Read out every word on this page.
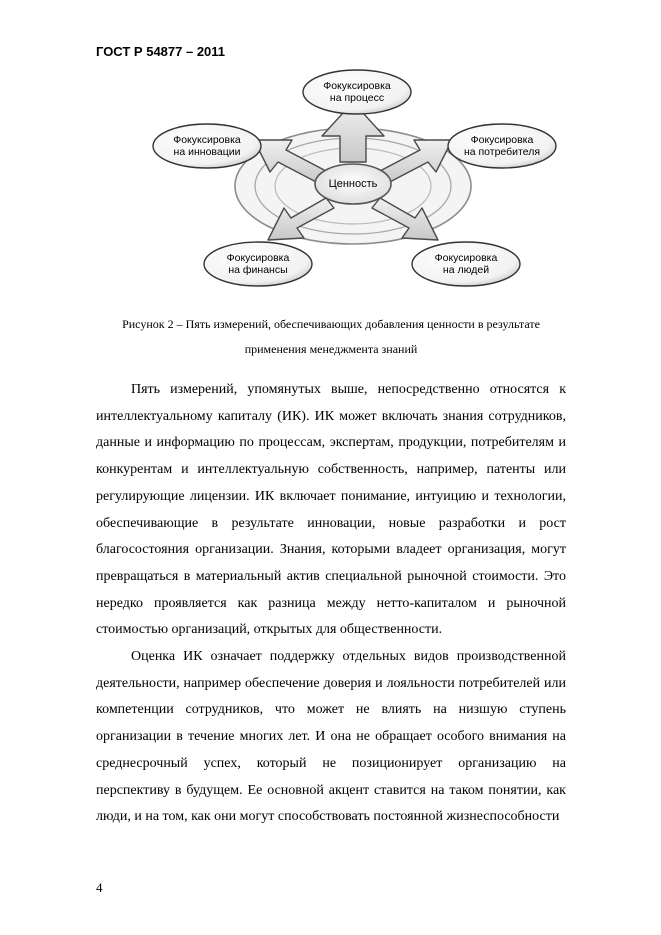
ГОСТ Р 54877 – 2011
Ценность
Фокуксировка
на процесс
Фокусировка
на потребителя
Фокусировка
на людей
Фокусировка
на финансы
Фокуксировка
на инновации
Рисунок 2 – Пять измерений, обеспечивающих добавления ценности в результате
применения менеджмента знаний

Пять измерений, упомянутых выше, непосредственно относятся к интеллектуальному капиталу (ИК). ИК может включать знания сотрудников, данные и информацию по процессам, экспертам, продукции, потребителям и конкурентам и интеллектуальную собственность, например, патенты или регулирующие лицензии. ИК включает понимание, интуицию и технологии, обеспечивающие в результате инновации, новые разработки и рост благосостояния организации. Знания, которыми владеет организация, могут превращаться в материальный актив специальной рыночной стоимости. Это нередко проявляется как разница между нетто-капиталом и рыночной стоимостью организаций, открытых для общественности.

Оценка ИК означает поддержку отдельных видов производственной деятельности, например обеспечение доверия и лояльности потребителей или компетенции сотрудников, что может не влиять на низшую ступень организации в течение многих лет. И она не обращает особого внимания на среднесрочный успех, который не позиционирует организацию на перспективу в будущем. Ее основной акцент ставится на таком понятии, как люди, и на том, как они могут способствовать постоянной жизнеспособности

4
